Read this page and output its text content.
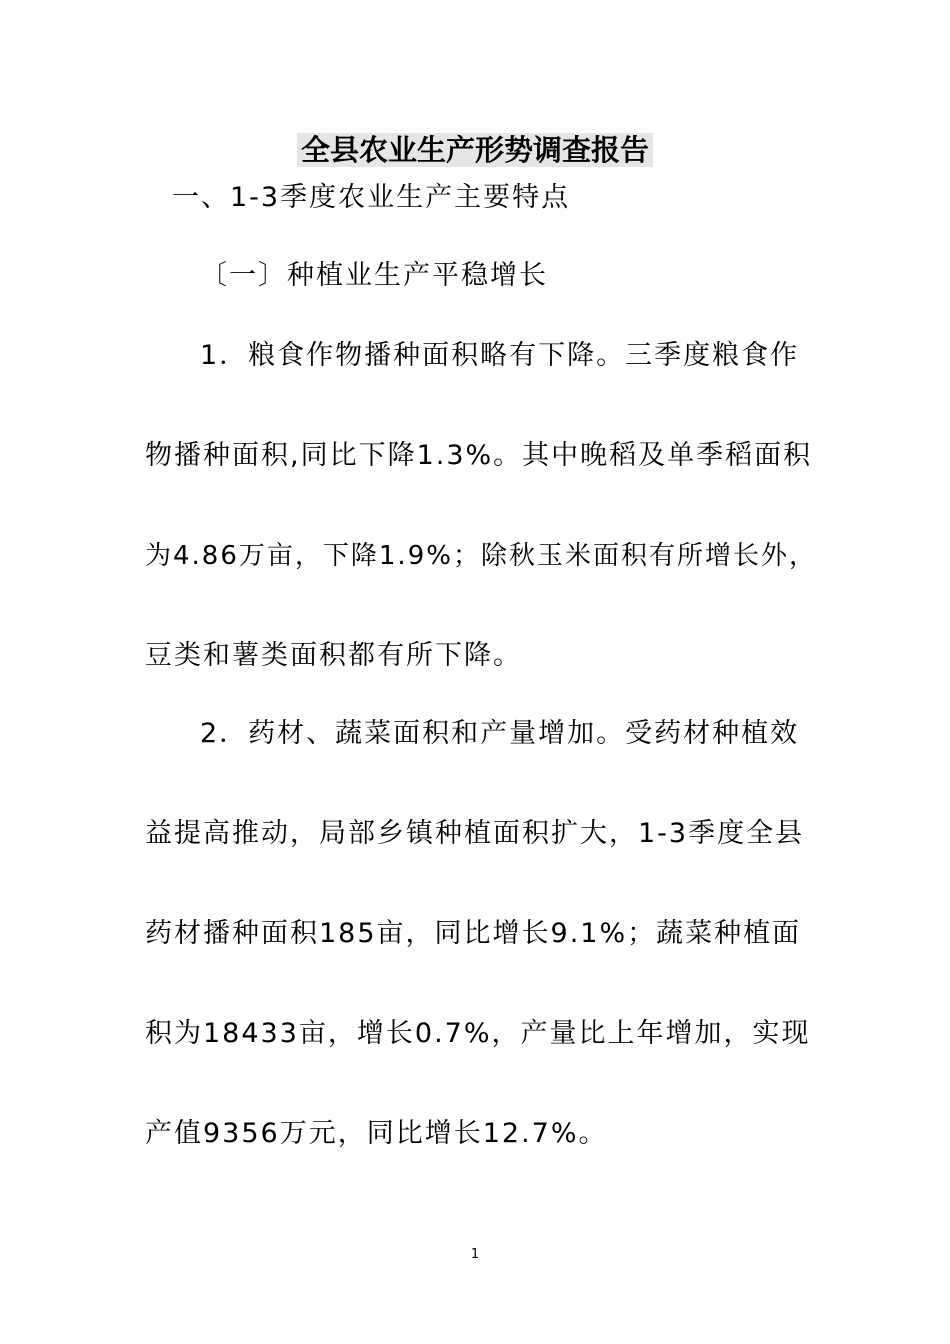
全县农业生产形势调查报告
一、1-3季度农业生产主要特点
〔一〕种植业生产平稳增长
1．粮食作物播种面积略有下降。三季度粮食作
物播种面积,同比下降1.3%。其中晚稻及单季稻面积
为4.86万亩，下降1.9%；除秋玉米面积有所增长外，
豆类和薯类面积都有所下降。
2．药材、蔬菜面积和产量增加。受药材种植效
益提高推动，局部乡镇种植面积扩大，1-3季度全县
药材播种面积185亩，同比增长9.1%；蔬菜种植面
积为18433亩，增长0.7%，产量比上年增加，实现
产值9356万元，同比增长12.7%。
1
